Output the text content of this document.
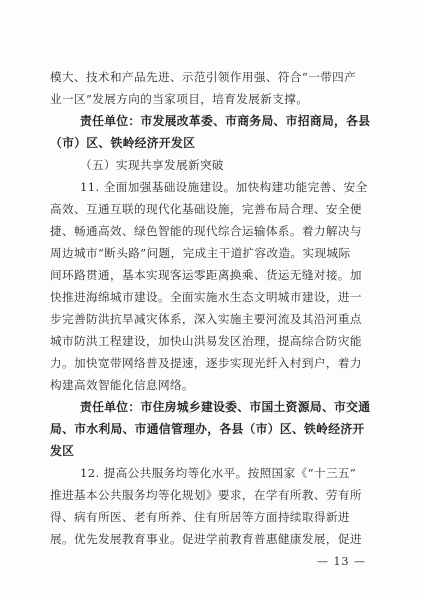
模大、技术和产品先进、示范引领作用强、符合“一带四产
业一区”发展方向的当家项目，培育发展新支撑。
责任单位：市发展改革委、市商务局、市招商局，各县
（市）区、铁岭经济开发区
（五）实现共享发展新突破
11. 全面加强基础设施建设。加快构建功能完善、安全
高效、互通互联的现代化基础设施，完善布局合理、安全便
捷、畅通高效、绿色智能的现代综合运输体系。着力解决与
周边城市“断头路”问题，完成主干道扩容改造。实现城际
间环路贯通，基本实现客运零距离换乘、货运无缝对接。加
快推进海绵城市建设。全面实施水生态文明城市建设，进一
步完善防洪抗旱减灾体系，深入实施主要河流及其沿河重点
城市防洪工程建设，加快山洪易发区治理，提高综合防灾能
力。加快宽带网络普及提速，逐步实现光纤入村到户，着力
构建高效智能化信息网络。
责任单位：市住房城乡建设委、市国土资源局、市交通
局、市水利局、市通信管理办，各县（市）区、铁岭经济开
发区
12. 提高公共服务均等化水平。按照国家《“十三五”
推进基本公共服务均等化规划》要求，在学有所教、劳有所
得、病有所医、老有所养、住有所居等方面持续取得新进
展。优先发展教育事业。促进学前教育普惠健康发展，促进
— 13 —
